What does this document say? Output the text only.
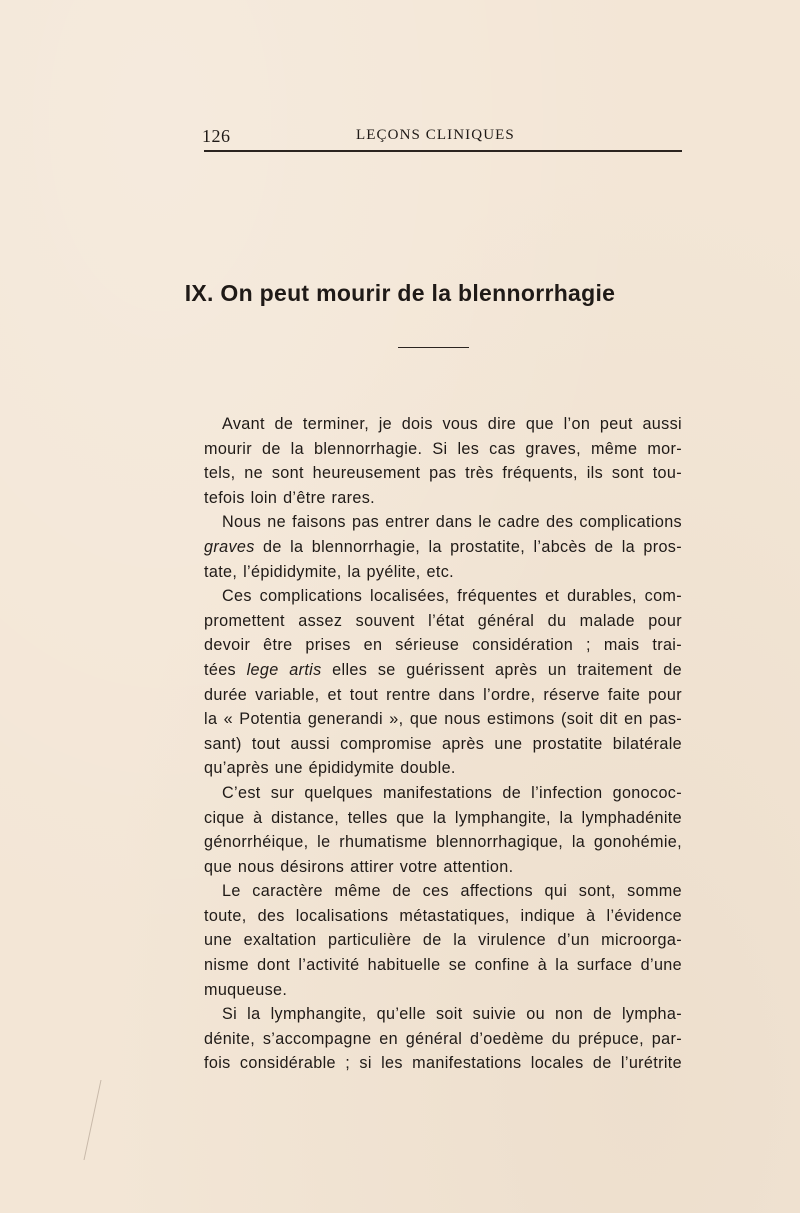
126	LEÇONS CLINIQUES
IX. On peut mourir de la blennorrhagie
Avant de terminer, je dois vous dire que l’on peut aussi
mourir de la blennorrhagie. Si les cas graves, même mor-
tels, ne sont heureusement pas très fréquents, ils sont tou-
tefois loin d’être rares.
Nous ne faisons pas entrer dans le cadre des complications
graves de la blennorrhagie, la prostatite, l’abcès de la pros-
tate, l’épididymite, la pyélite, etc.
Ces complications localisées, fréquentes et durables, com-
promettent assez souvent l’état général du malade pour
devoir être prises en sérieuse considération ; mais trai-
tées lege artis elles se guérissent après un traitement de
durée variable, et tout rentre dans l’ordre, réserve faite pour
la « Potentia generandi », que nous estimons (soit dit en pas-
sant) tout aussi compromise après une prostatite bilatérale
qu’après une épididymite double.
C’est sur quelques manifestations de l’infection gonococ-
cique à distance, telles que la lymphangite, la lymphadénite
génorrhéique, le rhumatisme blennorrhagique, la gonohémie,
que nous désirons attirer votre attention.
Le caractère même de ces affections qui sont, somme
toute, des localisations métastatiques, indique à l’évidence
une exaltation particulière de la virulence d’un microorga-
nisme dont l’activité habituelle se confine à la surface d’une
muqueuse.
Si la lymphangite, qu’elle soit suivie ou non de lympha-
dénite, s’accompagne en général d’oedème du prépuce, par-
fois considérable ; si les manifestations locales de l’urétrite
